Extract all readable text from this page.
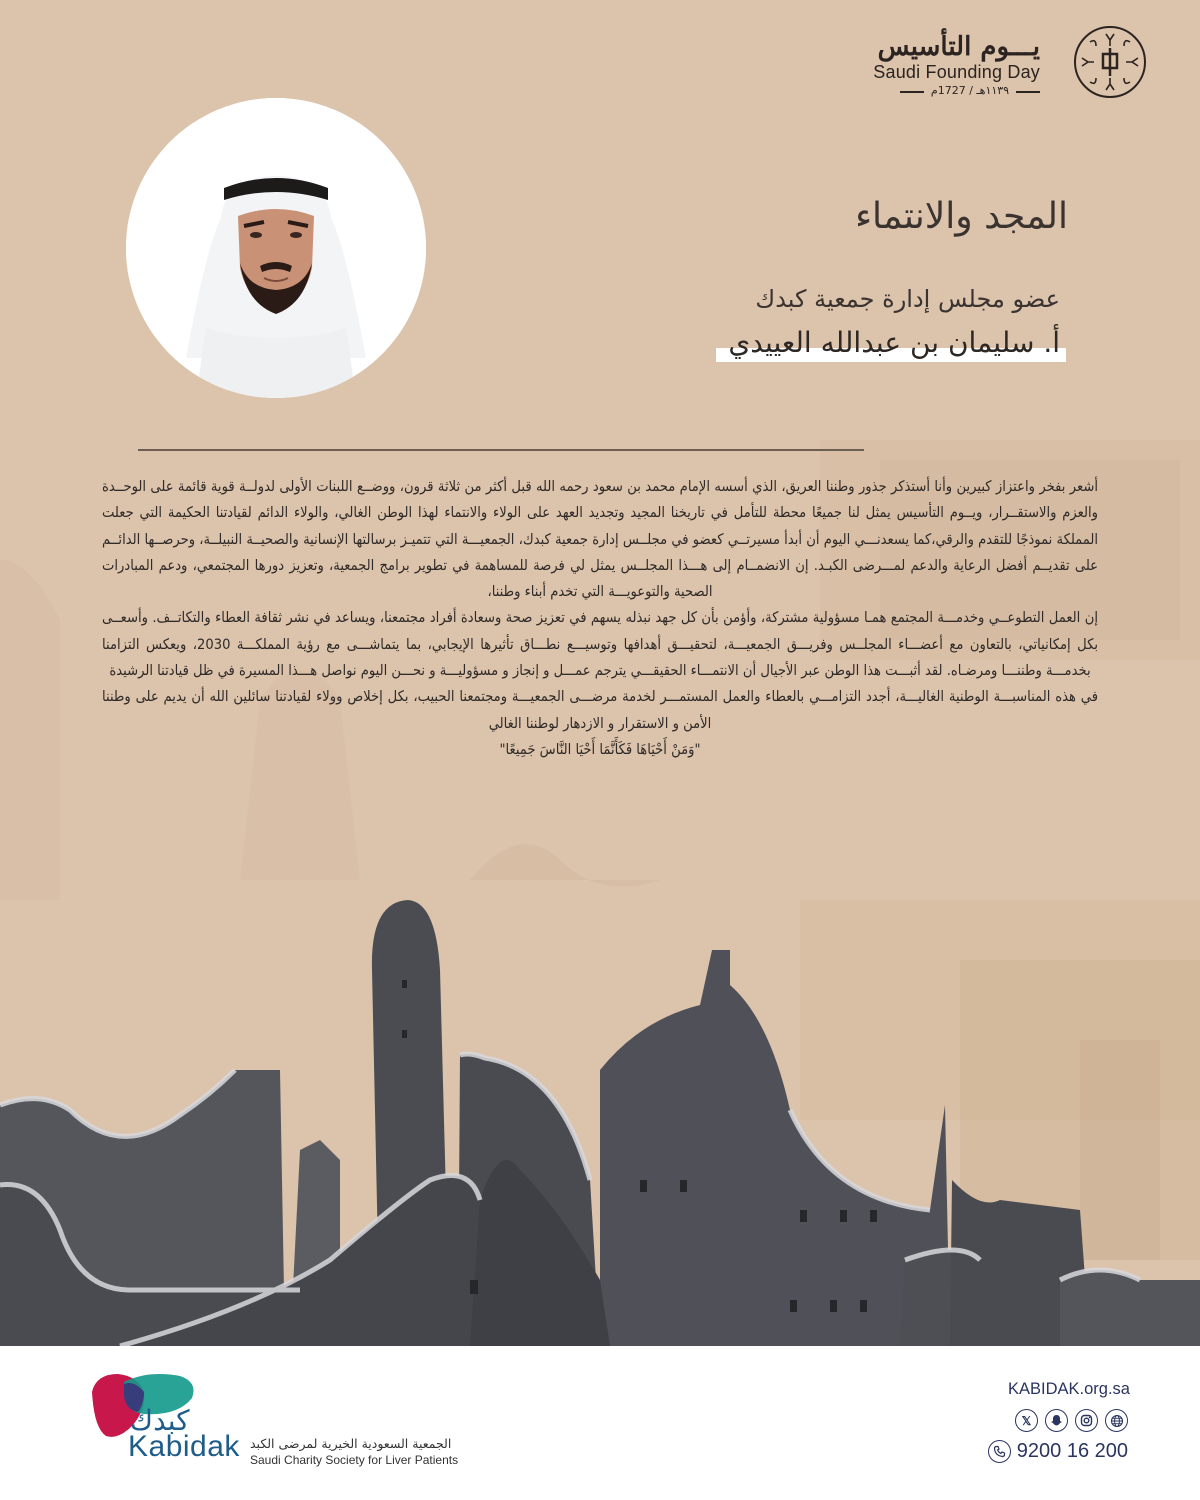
يـــوم التأسيس
Saudi Founding Day
١١٣٩هـ / 1727م
المجد والانتماء
عضو مجلس إدارة جمعية كبدك
أ. سليمان بن عبدالله العييدي

أشعر بفخر واعتزاز كبيرين وأنا أستذكر جذور وطننا العريق، الذي أسسه الإمام محمد بن سعود رحمه الله قبل أكثر من ثلاثة قرون، ووضــع اللبنات الأولى لدولــة قوية قائمة على الوحــدة والعزم والاستقــرار، ويــوم التأسيس يمثل لنا جميعًا محطة للتأمل في تاريخنا المجيد وتجديد العهد على الولاء والانتماء لهذا الوطن الغالي، والولاء الدائم لقيادتنا الحكيمة التي جعلت المملكة نموذجًا للتقدم والرقي،كما يسعدنـــي اليوم أن أبدأ مسيرتــي كعضو في مجلــس إدارة جمعية كبدك، الجمعيـــة التي تتميـز برسالتها الإنسانية والصحيــة النبيلــة، وحرصــها الدائــم على تقديــم أفضل الرعاية والدعم لمـــرضى الكبـد. إن الانضمــام إلى هـــذا المجلــس يمثل لي فرصة للمساهمة في تطوير برامج الجمعية، وتعزيز دورها المجتمعي، ودعم المبادرات الصحية والتوعويـــة التي تخدم أبناء وطننا،

إن العمل التطوعــي وخدمـــة المجتمع همـا مسؤولية مشتركة، وأؤمن بأن كل جهد نبذله يسهم في تعزيز صحة وسعادة أفراد مجتمعنا، ويساعد في نشر ثقافة العطاء والتكاتــف. وأسعــى بكل إمكانياتي، بالتعاون مع أعضـــاء المجلــس وفريـــق الجمعيـــة، لتحقيـــق أهدافها وتوسيـــع نطـــاق تأثيرها الإيجابي، بما يتماشـــى مع رؤية المملكـــة 2030، ويعكس التزامنا بخدمـــة وطننـــا ومرضـاه. لقد أثبـــت هذا الوطن عبر الأجيال أن الانتمـــاء الحقيقـــي يترجم عمـــل و إنجاز و مسؤوليـــة و نحـــن اليوم نواصل هـــذا المسيرة في ظل قيادتنا الرشيدة

في هذه المناسبـــة الوطنية الغاليـــة، أجدد التزامـــي بالعطاء والعمل المستمـــر لخدمة مرضـــى الجمعيـــة ومجتمعنا الحبيب، بكل إخلاص وولاء لقيادتنا سائلين الله أن يديم على وطننا الأمن و الاستقرار و الازدهار لوطننا الغالي

"وَمَنْ أَحْيَاهَا فَكَأَنَّمَا أَحْيَا النَّاسَ جَمِيعًا"

كبدك
Kabidak الجمعية السعودية الخيرية لمرضى الكبد
Saudi Charity Society for Liver Patients
KABIDAK.org.sa
𝕏
9200 16 200
